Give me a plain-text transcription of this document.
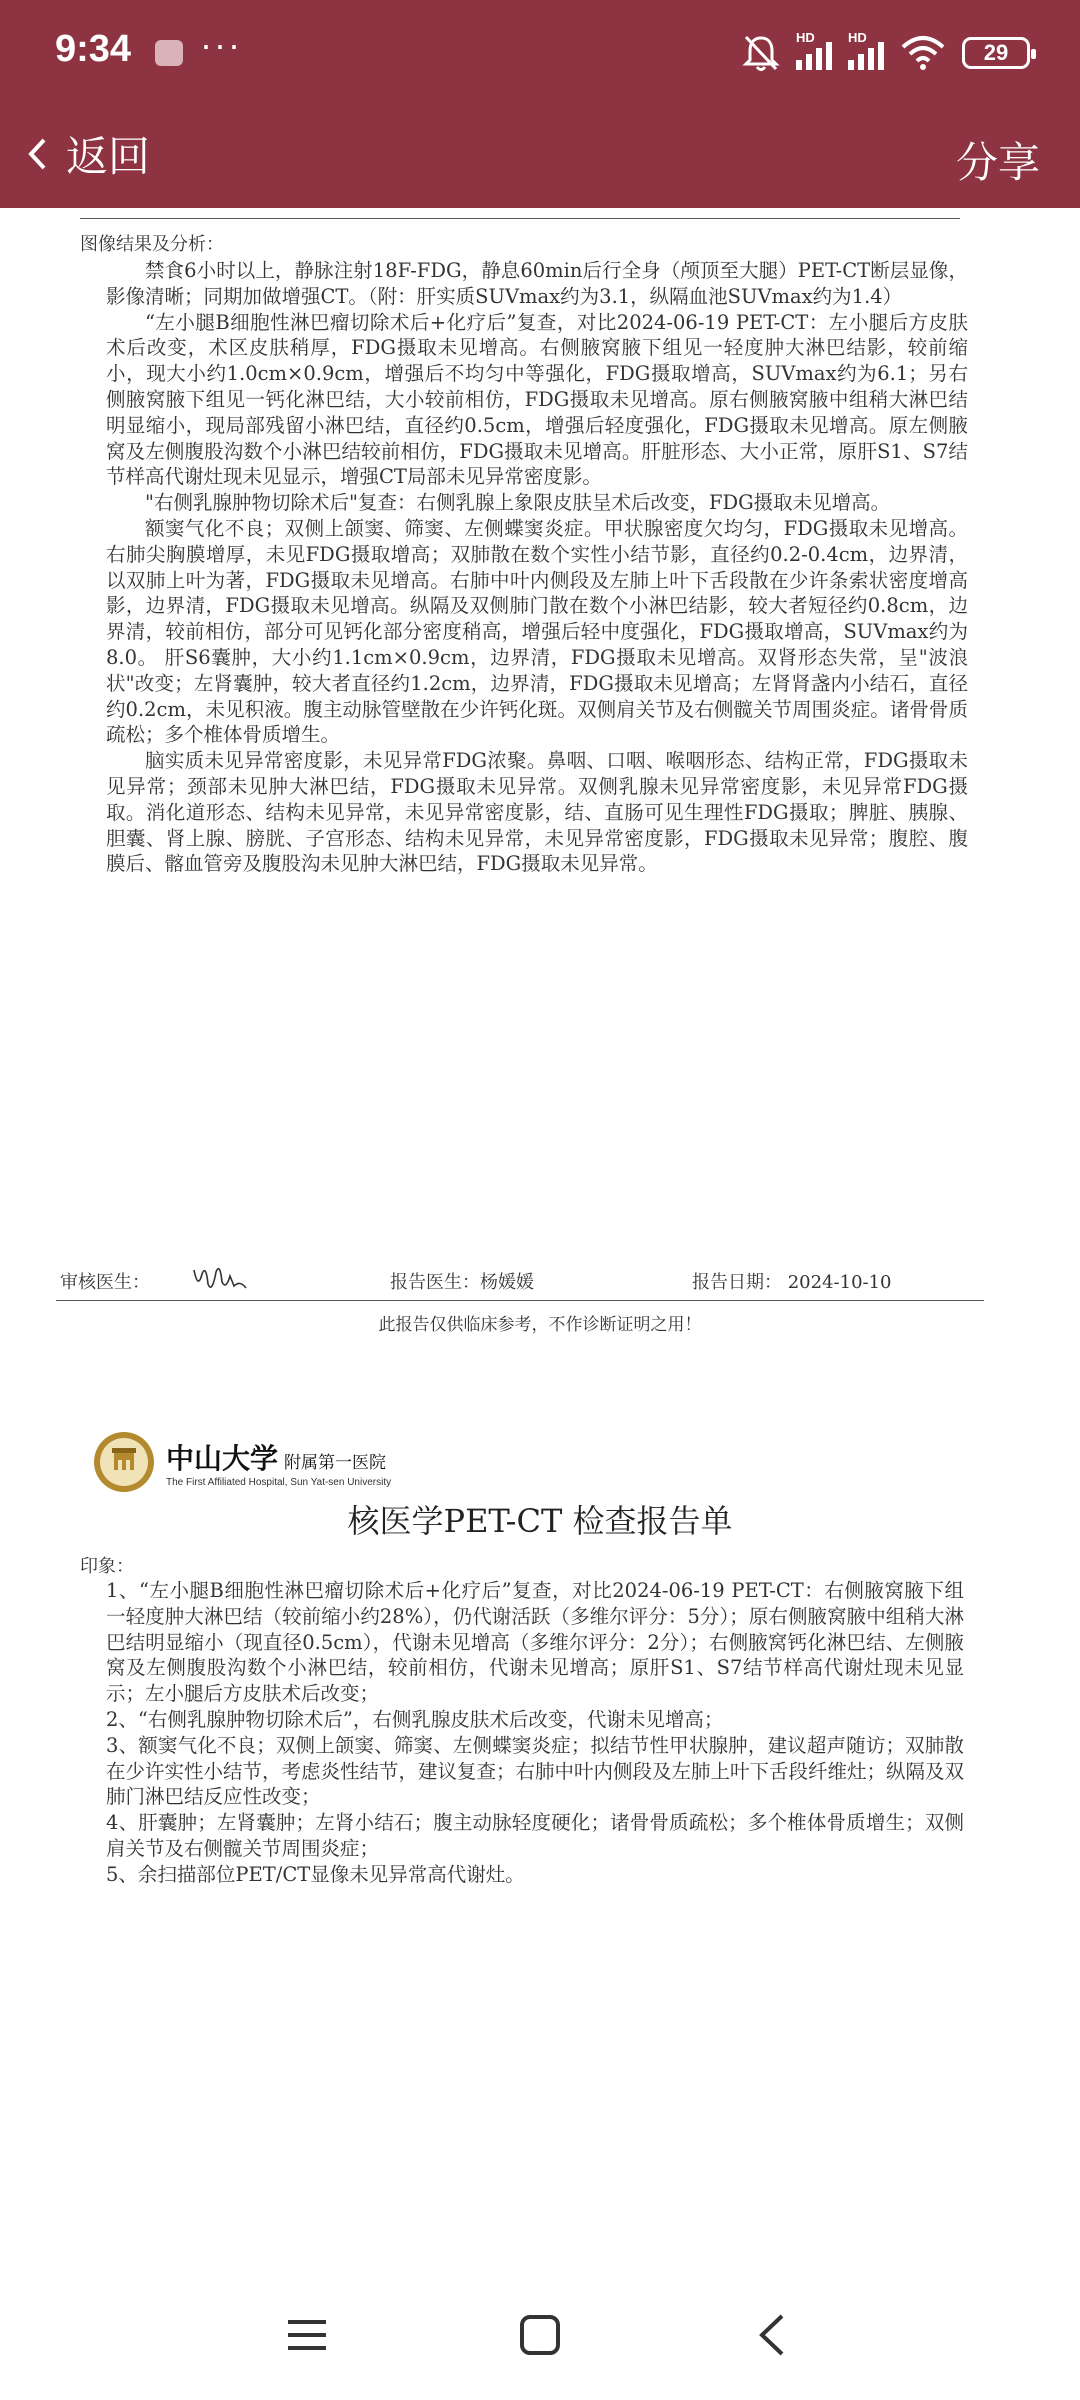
9:34 ···	HD	HD
29
返回	分享
图像结果及分析：

禁食6小时以上，静脉注射18F-FDG，静息60min后行全身（颅顶至大腿）PET-CT断层显像，影像清晰；同期加做增强CT。（附：肝实质SUVmax约为3.1，纵隔血池SUVmax约为1.4）

“左小腿B细胞性淋巴瘤切除术后+化疗后”复查，对比2024-06-19 PET-CT：左小腿后方皮肤术后改变，术区皮肤稍厚，FDG摄取未见增高。右侧腋窝腋下组见一轻度肿大淋巴结影，较前缩小，现大小约1.0cm×0.9cm，增强后不均匀中等强化，FDG摄取增高，SUVmax约为6.1；另右侧腋窝腋下组见一钙化淋巴结，大小较前相仿，FDG摄取未见增高。原右侧腋窝腋中组稍大淋巴结明显缩小，现局部残留小淋巴结，直径约0.5cm，增强后轻度强化，FDG摄取未见增高。原左侧腋窝及左侧腹股沟数个小淋巴结较前相仿，FDG摄取未见增高。肝脏形态、大小正常，原肝S1、S7结节样高代谢灶现未见显示，增强CT局部未见异常密度影。

"右侧乳腺肿物切除术后"复查：右侧乳腺上象限皮肤呈术后改变，FDG摄取未见增高。

额窦气化不良；双侧上颌窦、筛窦、左侧蝶窦炎症。甲状腺密度欠均匀，FDG摄取未见增高。右肺尖胸膜增厚，未见FDG摄取增高；双肺散在数个实性小结节影，直径约0.2-0.4cm，边界清，以双肺上叶为著，FDG摄取未见增高。右肺中叶内侧段及左肺上叶下舌段散在少许条索状密度增高影，边界清，FDG摄取未见增高。纵隔及双侧肺门散在数个小淋巴结影，较大者短径约0.8cm，边界清，较前相仿，部分可见钙化部分密度稍高，增强后轻中度强化，FDG摄取增高，SUVmax约为8.0。 肝S6囊肿，大小约1.1cm×0.9cm，边界清，FDG摄取未见增高。双肾形态失常，呈"波浪状"改变；左肾囊肿，较大者直径约1.2cm，边界清，FDG摄取未见增高；左肾肾盏内小结石，直径约0.2cm，未见积液。腹主动脉管壁散在少许钙化斑。双侧肩关节及右侧髋关节周围炎症。诸骨骨质疏松；多个椎体骨质增生。

脑实质未见异常密度影，未见异常FDG浓聚。鼻咽、口咽、喉咽形态、结构正常，FDG摄取未见异常；颈部未见肿大淋巴结，FDG摄取未见异常。双侧乳腺未见异常密度影，未见异常FDG摄取。消化道形态、结构未见异常，未见异常密度影，结、直肠可见生理性FDG摄取；脾脏、胰腺、胆囊、肾上腺、膀胱、子宫形态、结构未见异常，未见异常密度影，FDG摄取未见异常；腹腔、腹膜后、髂血管旁及腹股沟未见肿大淋巴结，FDG摄取未见异常。

审核医生：	报告医生：杨媛媛	报告日期： 2024-10-10
此报告仅供临床参考，不作诊断证明之用！
中山大学 附属第一医院
The First Affiliated Hospital, Sun Yat-sen University
核医学PET-CT 检查报告单
印象：
1、“左小腿B细胞性淋巴瘤切除术后+化疗后”复查，对比2024-06-19 PET-CT：右侧腋窝腋下组一轻度肿大淋巴结（较前缩小约28%），仍代谢活跃（多维尔评分：5分）；原右侧腋窝腋中组稍大淋巴结明显缩小（现直径0.5cm），代谢未见增高（多维尔评分：2分）；右侧腋窝钙化淋巴结、左侧腋窝及左侧腹股沟数个小淋巴结，较前相仿，代谢未见增高；原肝S1、S7结节样高代谢灶现未见显示；左小腿后方皮肤术后改变；
2、“右侧乳腺肿物切除术后”，右侧乳腺皮肤术后改变，代谢未见增高；
3、额窦气化不良；双侧上颌窦、筛窦、左侧蝶窦炎症；拟结节性甲状腺肿，建议超声随访；双肺散在少许实性小结节，考虑炎性结节，建议复查；右肺中叶内侧段及左肺上叶下舌段纤维灶；纵隔及双肺门淋巴结反应性改变；
4、肝囊肿；左肾囊肿；左肾小结石；腹主动脉轻度硬化；诸骨骨质疏松；多个椎体骨质增生；双侧肩关节及右侧髋关节周围炎症；
5、余扫描部位PET/CT显像未见异常高代谢灶。
